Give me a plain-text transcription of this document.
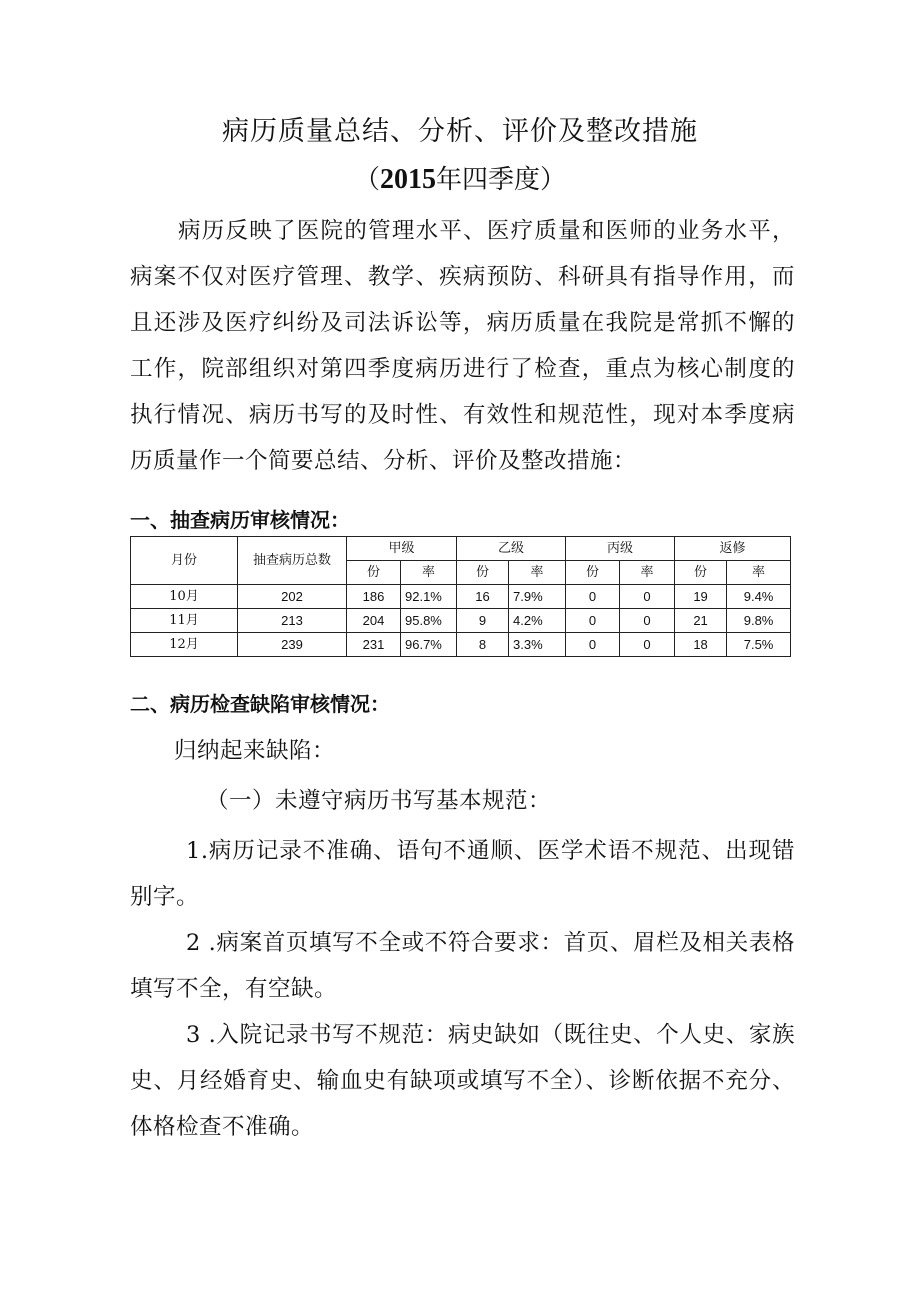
病历质量总结、分析、评价及整改措施
（2015年四季度）

病历反映了医院的管理水平、医疗质量和医师的业务水平，病案不仅对医疗管理、教学、疾病预防、科研具有指导作用，而且还涉及医疗纠纷及司法诉讼等，病历质量在我院是常抓不懈的工作，院部组织对第四季度病历进行了检查，重点为核心制度的执行情况、病历书写的及时性、有效性和规范性，现对本季度病历质量作一个简要总结、分析、评价及整改措施：

一、抽查病历审核情况：

月份	抽查病历总数	甲级		乙级		丙级		返修	
		份	率	份	率	份	率	份	率
10月	202	186	92.1%	16	7.9%	0	0	19	9.4%
11月	213	204	95.8%	9	4.2%	0	0	21	9.8%
12月	239	231	96.7%	8	3.3%	0	0	18	7.5%

二、病历检查缺陷审核情况：

归纳起来缺陷：

（一）未遵守病历书写基本规范：

1.病历记录不准确、语句不通顺、医学术语不规范、出现错别字。

2 .病案首页填写不全或不符合要求：首页、眉栏及相关表格填写不全，有空缺。

3 .入院记录书写不规范：病史缺如（既往史、个人史、家族史、月经婚育史、输血史有缺项或填写不全）、诊断依据不充分、体格检查不准确。
